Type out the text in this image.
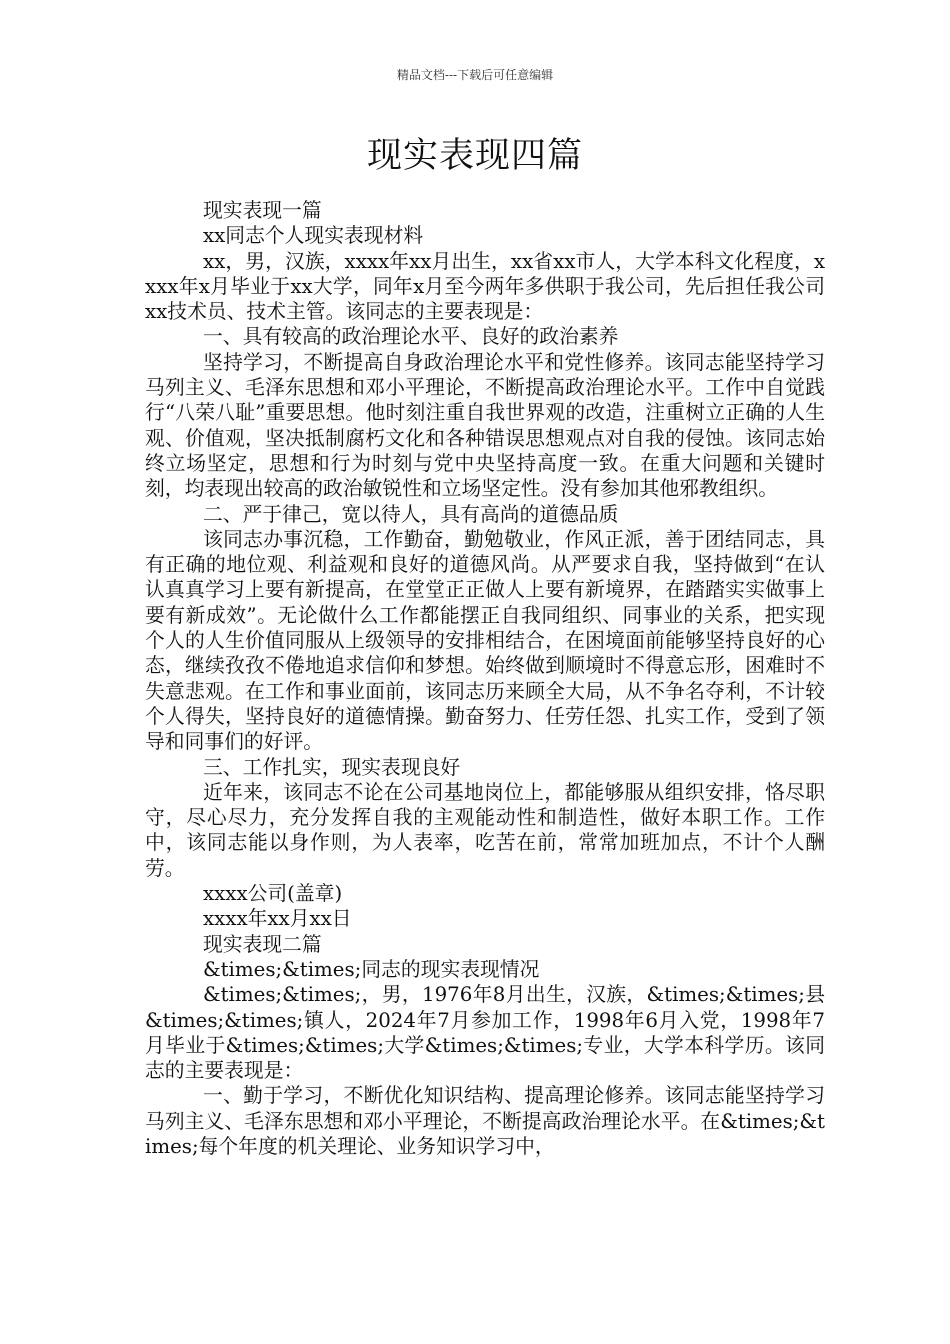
精品文档---下载后可任意编辑
现实表现四篇

现实表现一篇

xx同志个人现实表现材料

xx，男，汉族，xxxx年xx月出生，xx省xx市人，大学本科文化程度，xxxx年x月毕业于xx大学，同年x月至今两年多供职于我公司，先后担任我公司xx技术员、技术主管。该同志的主要表现是：

一、具有较高的政治理论水平、良好的政治素养

坚持学习，不断提高自身政治理论水平和党性修养。该同志能坚持学习马列主义、毛泽东思想和邓小平理论，不断提高政治理论水平。工作中自觉践行“八荣八耻”重要思想。他时刻注重自我世界观的改造，注重树立正确的人生观、价值观，坚决抵制腐朽文化和各种错误思想观点对自我的侵蚀。该同志始终立场坚定，思想和行为时刻与党中央坚持高度一致。在重大问题和关键时刻，均表现出较高的政治敏锐性和立场坚定性。没有参加其他邪教组织。

二、严于律己，宽以待人，具有高尚的道德品质

该同志办事沉稳，工作勤奋，勤勉敬业，作风正派，善于团结同志，具有正确的地位观、利益观和良好的道德风尚。从严要求自我，坚持做到“在认认真真学习上要有新提高，在堂堂正正做人上要有新境界，在踏踏实实做事上要有新成效”。无论做什么工作都能摆正自我同组织、同事业的关系，把实现个人的人生价值同服从上级领导的安排相结合，在困境面前能够坚持良好的心态，继续孜孜不倦地追求信仰和梦想。始终做到顺境时不得意忘形，困难时不失意悲观。在工作和事业面前，该同志历来顾全大局，从不争名夺利，不计较个人得失，坚持良好的道德情操。勤奋努力、任劳任怨、扎实工作，受到了领导和同事们的好评。

三、工作扎实，现实表现良好

近年来，该同志不论在公司基地岗位上，都能够服从组织安排，恪尽职守，尽心尽力，充分发挥自我的主观能动性和制造性，做好本职工作。工作中，该同志能以身作则，为人表率，吃苦在前，常常加班加点，不计个人酬劳。

xxxx公司(盖章)

xxxx年xx月xx日

现实表现二篇

&times;&times;同志的现实表现情况

&times;&times;，男，1976年8月出生，汉族，&times;&times;县&times;&times;镇人，2024年7月参加工作，1998年6月入党，1998年7月毕业于&times;&times;大学&times;&times;专业，大学本科学历。该同志的主要表现是：

一、勤于学习，不断优化知识结构、提高理论修养。该同志能坚持学习马列主义、毛泽东思想和邓小平理论，不断提高政治理论水平。在&times;&times;每个年度的机关理论、业务知识学习中，
